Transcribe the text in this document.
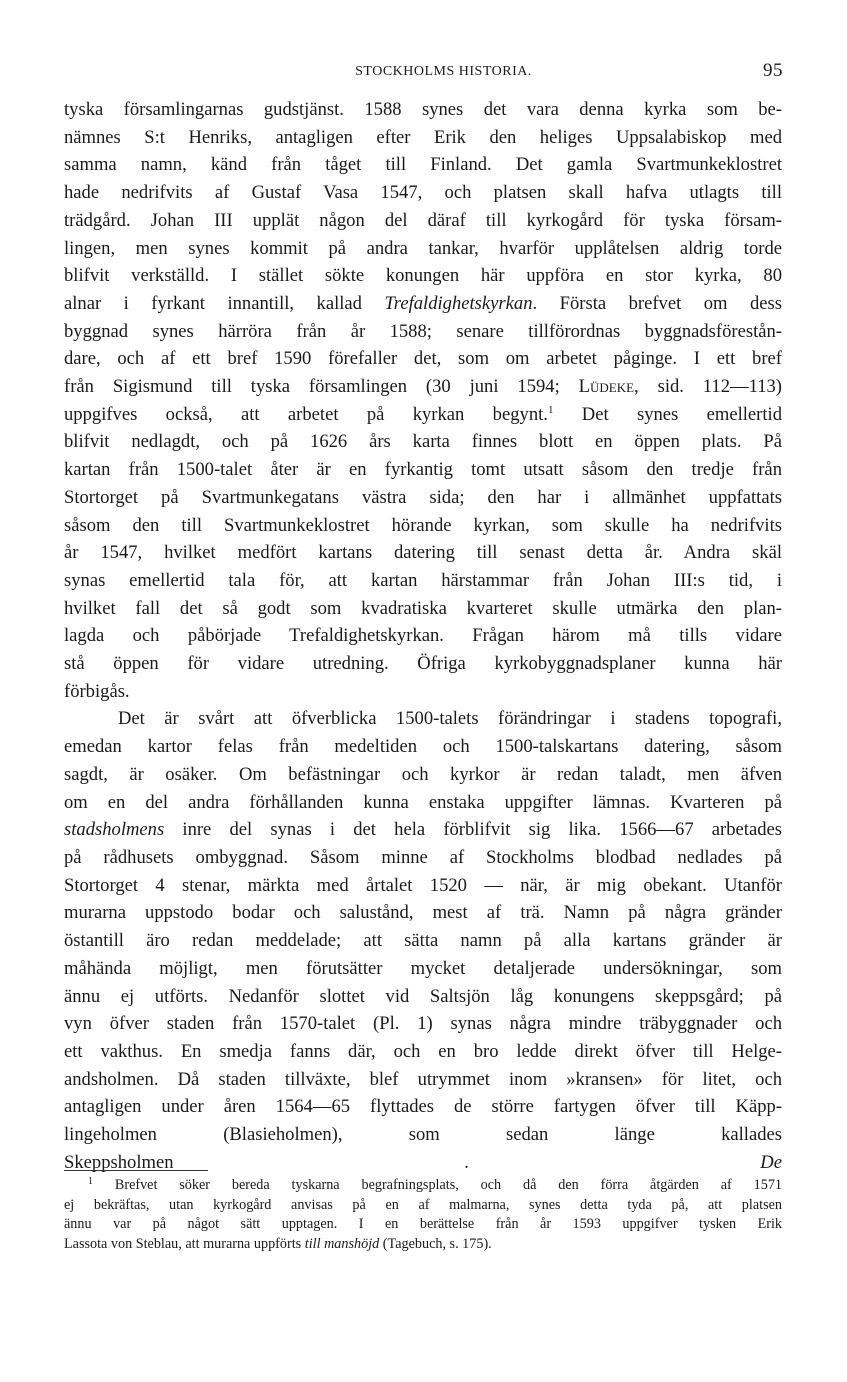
STOCKHOLMS HISTORIA.	95
tyska församlingarnas gudstjänst. 1588 synes det vara denna kyrka som be-
nämnes S:t Henriks, antagligen efter Erik den heliges Uppsalabiskop med
samma namn, känd från tåget till Finland. Det gamla Svartmunkeklostret
hade nedrifvits af Gustaf Vasa 1547, och platsen skall hafva utlagts till
trädgård. Johan III upplät någon del däraf till kyrkogård för tyska försam-
lingen, men synes kommit på andra tankar, hvarför upplåtelsen aldrig torde
blifvit verkställd. I stället sökte konungen här uppföra en stor kyrka, 80
alnar i fyrkant innantill, kallad Trefaldighetskyrkan. Första brefvet om dess
byggnad synes härröra från år 1588; senare tillförordnas byggnadsförestån-
dare, och af ett bref 1590 förefaller det, som om arbetet påginge. I ett bref
från Sigismund till tyska församlingen (30 juni 1594; Lüdeke, sid. 112—113)
uppgifves också, att arbetet på kyrkan begynt.$^1$ Det synes emellertid
blifvit nedlagdt, och på 1626 års karta finnes blott en öppen plats. På
kartan från 1500-talet åter är en fyrkantig tomt utsatt såsom den tredje från
Stortorget på Svartmunkegatans västra sida; den har i allmänhet uppfattats
såsom den till Svartmunkeklostret hörande kyrkan, som skulle ha nedrifvits
år 1547, hvilket medfört kartans datering till senast detta år. Andra skäl
synas emellertid tala för, att kartan härstammar från Johan III:s tid, i
hvilket fall det så godt som kvadratiska kvarteret skulle utmärka den plan-
lagda och påbörjade Trefaldighetskyrkan. Frågan härom må tills vidare
stå öppen för vidare utredning. Öfriga kyrkobyggnadsplaner kunna här
förbigås.
Det är svårt att öfverblicka 1500-talets förändringar i stadens topografi,
emedan kartor felas från medeltiden och 1500-talskartans datering, såsom
sagdt, är osäker. Om befästningar och kyrkor är redan taladt, men äfven
om en del andra förhållanden kunna enstaka uppgifter lämnas. Kvarteren på
stadsholmens inre del synas i det hela förblifvit sig lika. 1566—67 arbetades
på rådhusets ombyggnad. Såsom minne af Stockholms blodbad nedlades på
Stortorget 4 stenar, märkta med årtalet 1520 — när, är mig obekant. Utanför
murarna uppstodo bodar och salustånd, mest af trä. Namn på några gränder
östantill äro redan meddelade; att sätta namn på alla kartans gränder är
måhända möjligt, men förutsätter mycket detaljerade undersökningar, som
ännu ej utförts. Nedanför slottet vid Saltsjön låg konungens skeppsgård; på
vyn öfver staden från 1570-talet (Pl. 1) synas några mindre träbyggnader och
ett vakthus. En smedja fanns där, och en bro ledde direkt öfver till Helge-
andsholmen. Då staden tillväxte, blef utrymmet inom »kransen» för litet, och
antagligen under åren 1564—65 flyttades de större fartygen öfver till Käpp-
lingeholmen (Blasieholmen), som sedan länge kallades
Skeppsholmen	. De
$^1$ Brefvet söker bereda tyskarna begrafningsplats, och då den förra åtgärden af 1571
ej bekräftas, utan kyrkogård anvisas på en af malmarna, synes detta tyda på, att platsen
ännu var på något sätt upptagen. I en berättelse från år 1593 uppgifver tysken Erik
Lassota von Steblau, att murarna uppförts till manshöjd (Tagebuch, s. 175).
